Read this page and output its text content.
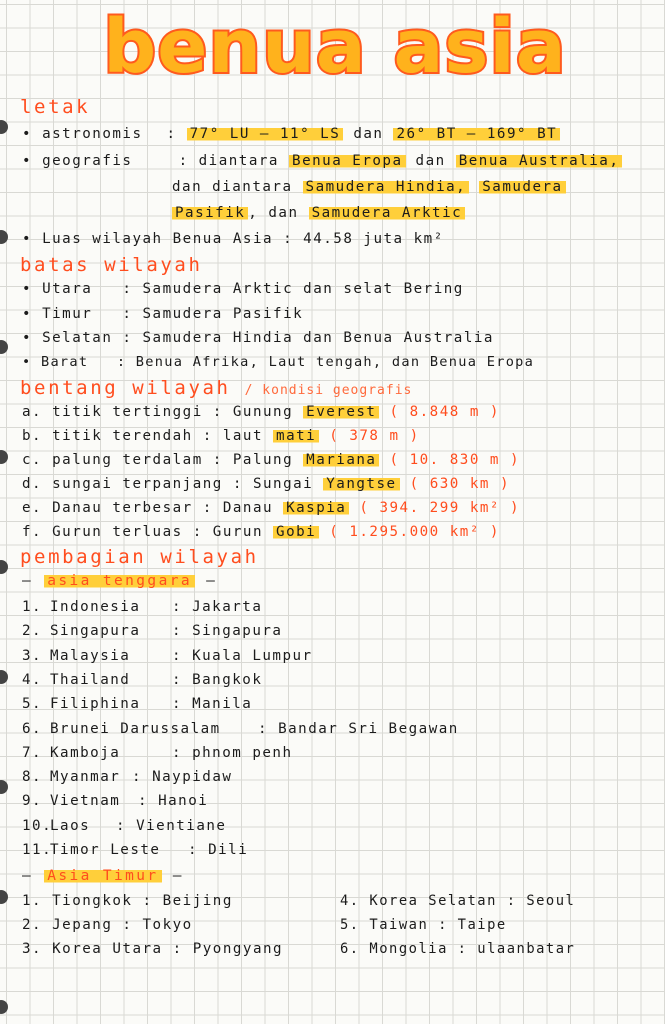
benua asia
letak
• astronomis : 77° LU – 11° LS dan 26° BT – 169° BT
• geografis	: diantara Benua Eropa dan Benua Australia,
dan diantara Samudera Hindia, Samudera
Pasifik , dan Samudera Arktic
• Luas wilayah Benua Asia : 44.58 juta km²
batas wilayah
• Utara   : Samudera Arktic dan selat Bering
• Timur   : Samudera Pasifik
• Selatan : Samudera Hindia dan Benua Australia
• Barat   : Benua Afrika, Laut tengah, dan Benua Eropa
bentang wilayah / kondisi geografis
a. titik tertinggi : Gunung Everest ( 8.848 m )
b. titik terendah : laut mati ( 378 m )
c. palung terdalam : Palung Mariana ( 10. 830 m )
d. sungai terpanjang : Sungai Yangtse ( 630 km )
e. Danau terbesar : Danau Kaspia ( 394. 299 km² )
f. Gurun terluas : Gurun Gobi ( 1.295.000 km² )
pembagian wilayah
– asia tenggara –
1. Indonesia : Jakarta
2. Singapura : Singapura
3. Malaysia	: Kuala Lumpur
4. Thailand	: Bangkok
5. Filiphina : Manila
6. Brunei Darussalam	: Bandar Sri Begawan
7. Kamboja	: phnom penh
8. Myanmar : Naypidaw
9. Vietnam : Hanoi
10.
Laos : Vientiane
11.
Timor Leste : Dili
– Asia Timur –
1. Tiongkok : Beijing
2. Jepang : Tokyo
3. Korea Utara : Pyongyang
4. Korea Selatan : Seoul
5. Taiwan : Taipe
6. Mongolia : ulaanbatar
